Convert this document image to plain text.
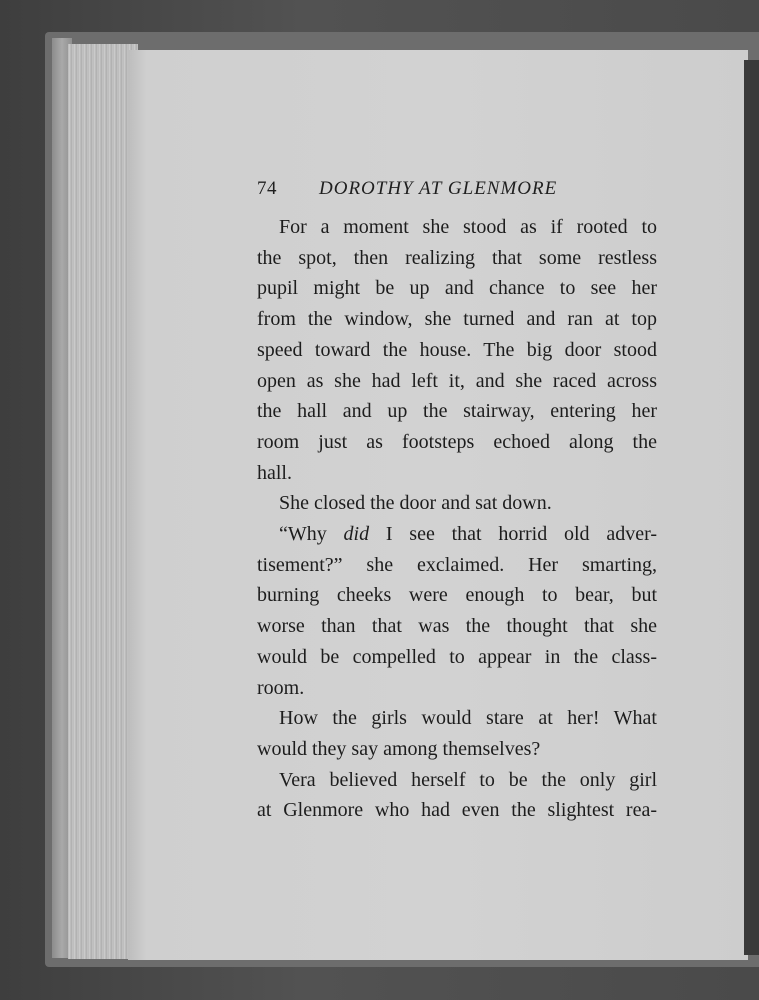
74 DOROTHY AT GLENMORE
For a moment she stood as if rooted to
the spot, then realizing that some restless
pupil might be up and chance to see her
from the window, she turned and ran at top
speed toward the house. The big door stood
open as she had left it, and she raced across
the hall and up the stairway, entering her
room just as footsteps echoed along the
hall.
She closed the door and sat down.
“Why did I see that horrid old adver-
tisement?” she exclaimed. Her smarting,
burning cheeks were enough to bear, but
worse than that was the thought that she
would be compelled to appear in the class-
room.
How the girls would stare at her! What
would they say among themselves?
Vera believed herself to be the only girl
at Glenmore who had even the slightest rea-
